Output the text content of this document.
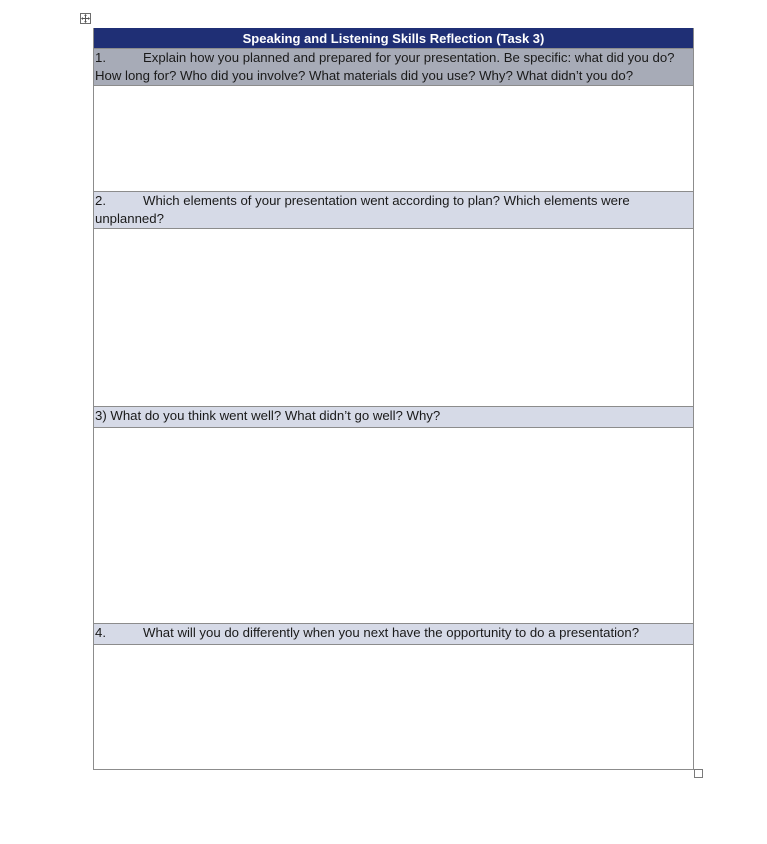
Speaking and Listening Skills Reflection (Task 3)
1.	Explain how you planned and prepared for your presentation. Be specific: what did you do? How long for? Who did you involve? What materials did you use? Why? What didn’t you do?
2.	Which elements of your presentation went according to plan? Which elements were unplanned?
3) What do you think went well? What didn’t go well? Why?
4.	What will you do differently when you next have the opportunity to do a presentation?
